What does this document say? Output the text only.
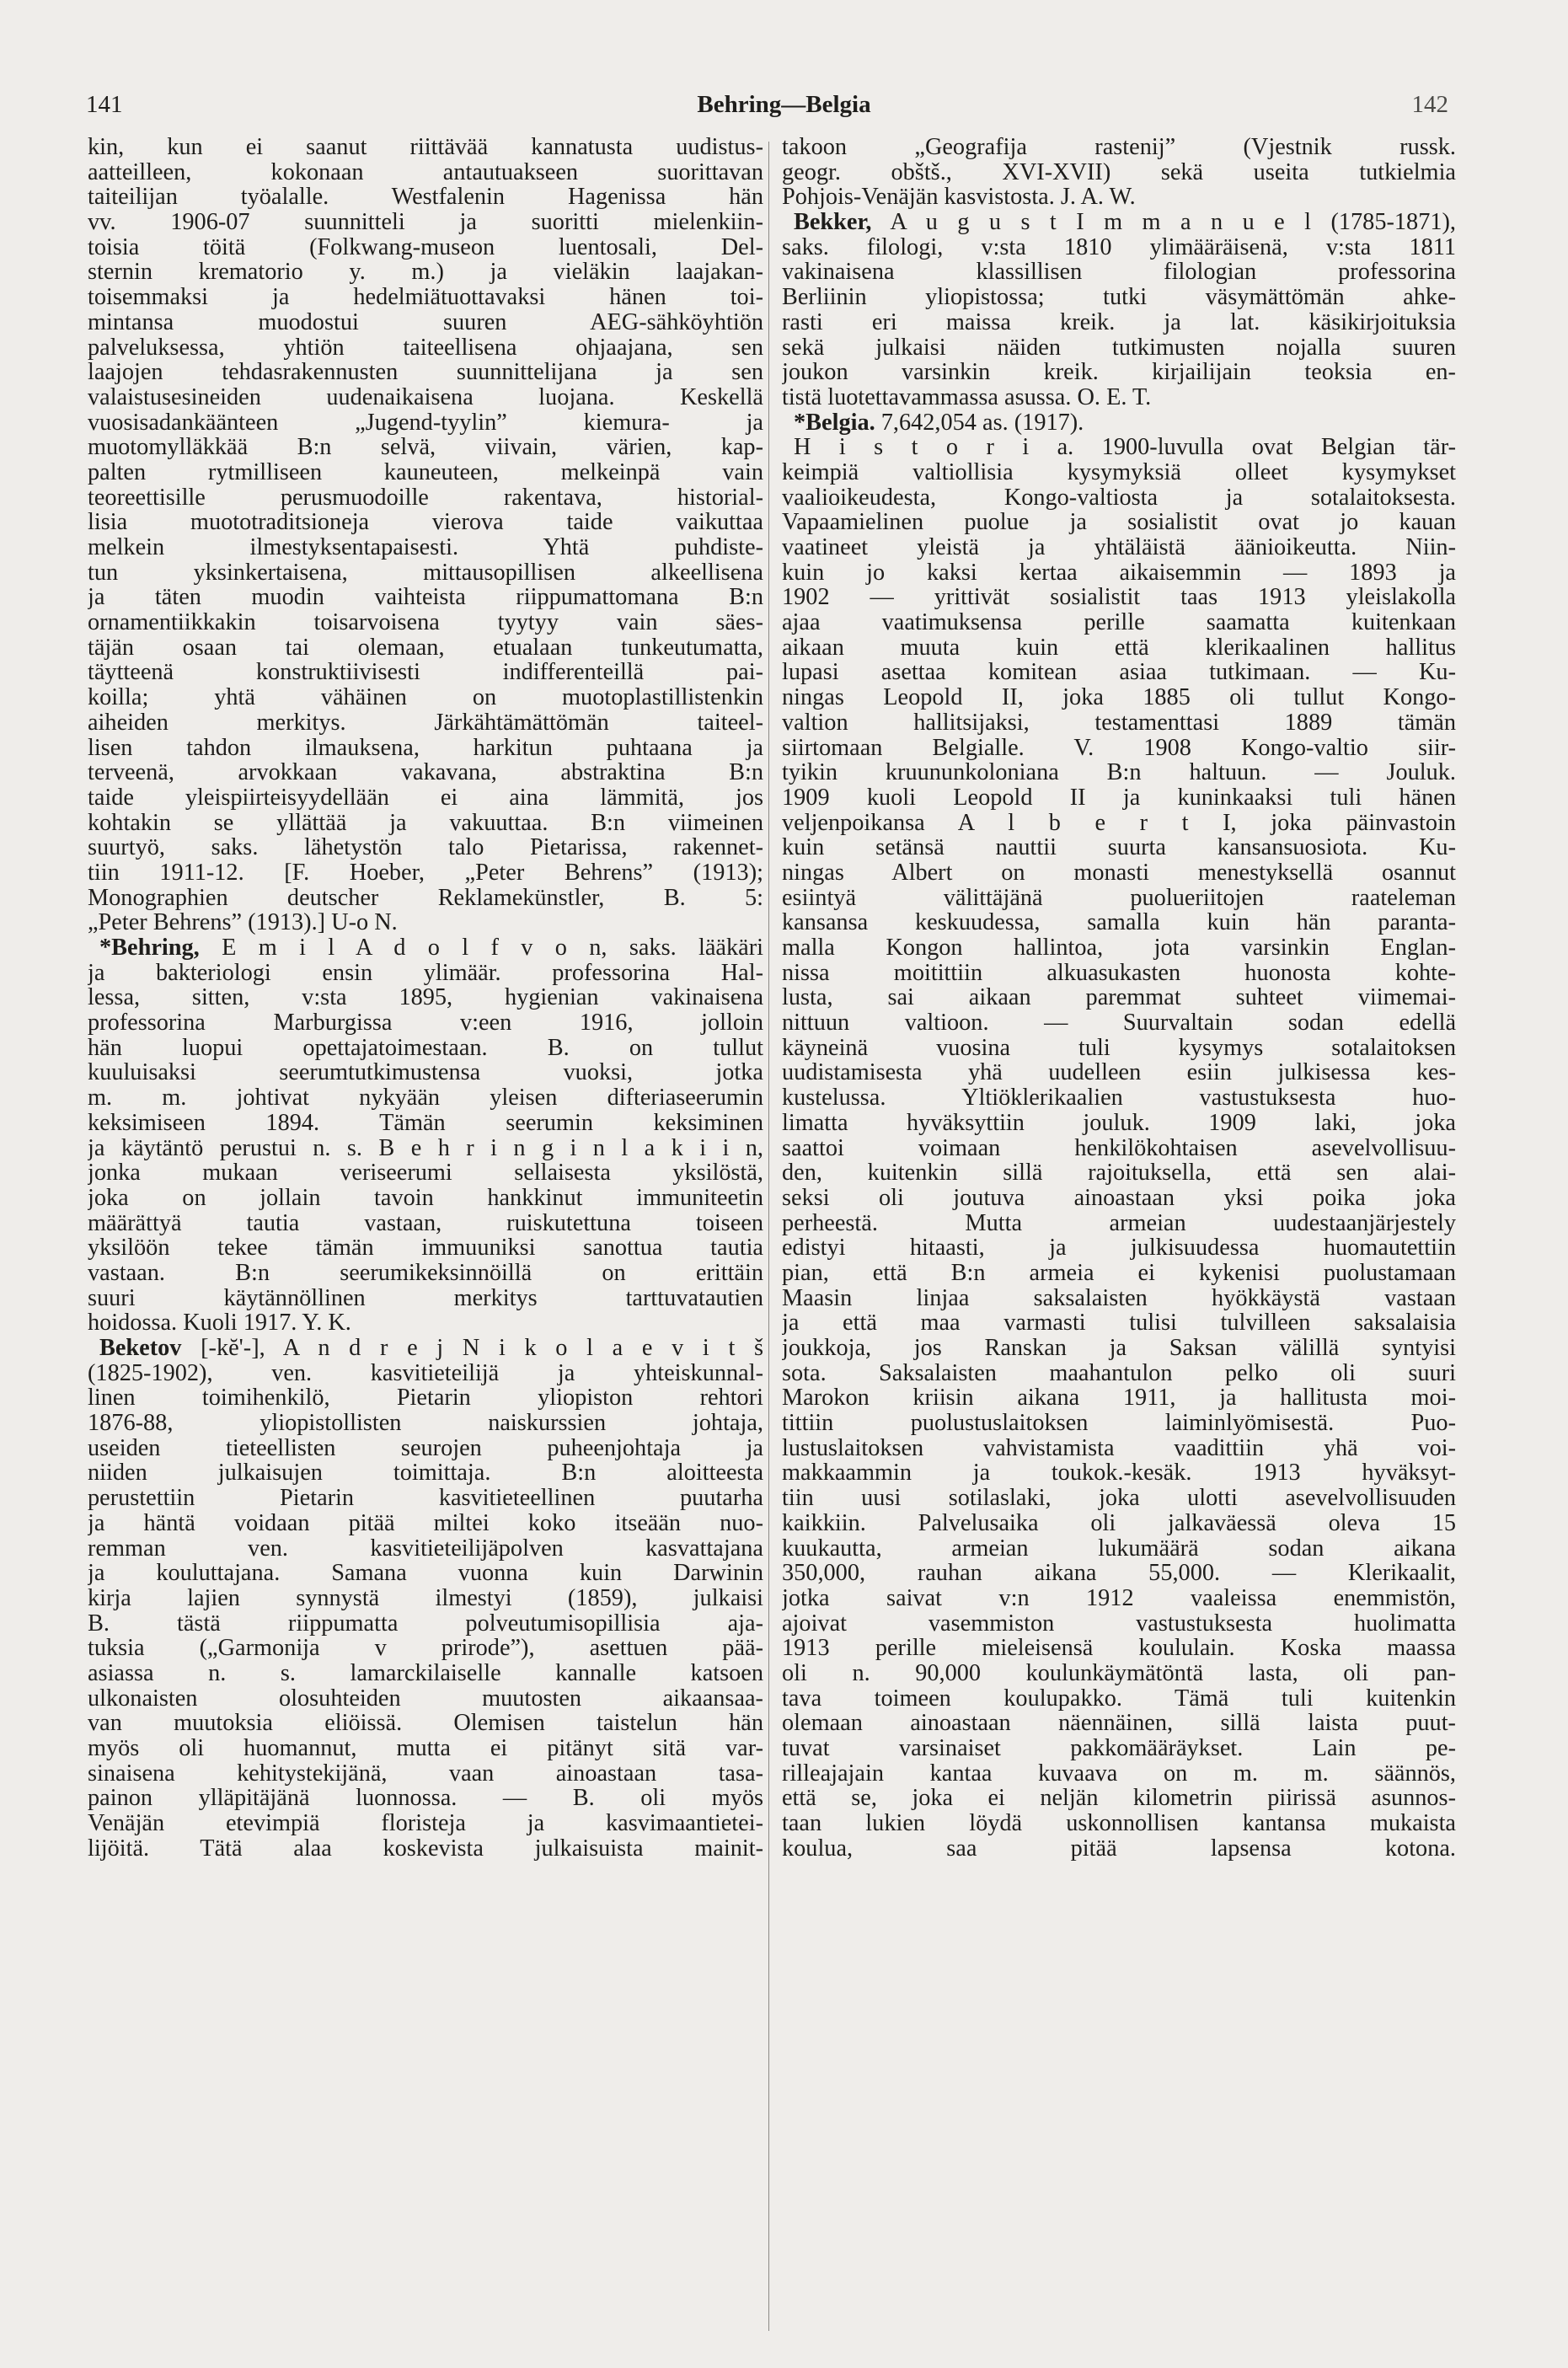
141	Behring—Belgia	142
kin, kun ei saanut riittävää kannatusta uudistus-
aatteilleen, kokonaan antautuakseen suorittavan
taiteilijan työalalle. Westfalenin Hagenissa hän
vv. 1906-07 suunnitteli ja suoritti mielenkiin-
toisia töitä (Folkwang-museon luentosali, Del-
sternin krematorio y. m.) ja vieläkin laajakan-
toisemmaksi ja hedelmiätuottavaksi hänen toi-
mintansa muodostui suuren AEG-sähköyhtiön
palveluksessa, yhtiön taiteellisena ohjaajana, sen
laajojen tehdasrakennusten suunnittelijana ja sen
valaistusesineiden uudenaikaisena luojana. Keskellä
vuosisadankäänteen „Jugend-tyylin” kiemura- ja
muotomylläkkää B:n selvä, viivain, värien, kap-
palten rytmilliseen kauneuteen, melkeinpä vain
teoreettisille perusmuodoille rakentava, historial-
lisia muototraditsioneja vierova taide vaikuttaa
melkein ilmestyksentapaisesti. Yhtä puhdiste-
tun yksinkertaisena, mittausopillisen alkeellisena
ja täten muodin vaihteista riippumattomana B:n
ornamentiikkakin toisarvoisena tyytyy vain säes-
täjän osaan tai olemaan, etualaan tunkeutumatta,
täytteenä konstruktiivisesti indifferenteillä pai-
koilla; yhtä vähäinen on muotoplastillistenkin
aiheiden merkitys. Järkähtämättömän taiteel-
lisen tahdon ilmauksena, harkitun puhtaana ja
terveenä, arvokkaan vakavana, abstraktina B:n
taide yleispiirteisyydellään ei aina lämmitä, jos
kohtakin se yllättää ja vakuuttaa. B:n viimeinen
suurtyö, saks. lähetystön talo Pietarissa, rakennet-
tiin 1911-12. [F. Hoeber, „Peter Behrens” (1913);
Monographien deutscher Reklamekünstler, B. 5:
„Peter Behrens” (1913).] U-o N.
*Behring, E m i l A d o l f v o n, saks. lääkäri
ja bakteriologi ensin ylimäär. professorina Hal-
lessa, sitten, v:sta 1895, hygienian vakinaisena
professorina Marburgissa v:een 1916, jolloin
hän luopui opettajatoimestaan. B. on tullut
kuuluisaksi seerumtutkimustensa vuoksi, jotka
m. m. johtivat nykyään yleisen difteriaseerumin
keksimiseen 1894. Tämän seerumin keksiminen
ja käytäntö perustui n. s. B e h r i n g i n l a k i i n,
jonka mukaan veriseerumi sellaisesta yksilöstä,
joka on jollain tavoin hankkinut immuniteetin
määrättyä tautia vastaan, ruiskutettuna toiseen
yksilöön tekee tämän immuuniksi sanottua tautia
vastaan. B:n seerumikeksinnöillä on erittäin
suuri käytännöllinen merkitys tarttuvatautien
hoidossa. Kuoli 1917. Y. K.
Beketov [-kĕ'-], A n d r e j N i k o l a e v i t š
(1825-1902), ven. kasvitieteilijä ja yhteiskunnal-
linen toimihenkilö, Pietarin yliopiston rehtori
1876-88, yliopistollisten naiskurssien johtaja,
useiden tieteellisten seurojen puheenjohtaja ja
niiden julkaisujen toimittaja. B:n aloitteesta
perustettiin Pietarin kasvitieteellinen puutarha
ja häntä voidaan pitää miltei koko itseään nuo-
remman ven. kasvitieteilijäpolven kasvattajana
ja kouluttajana. Samana vuonna kuin Darwinin
kirja lajien synnystä ilmestyi (1859), julkaisi
B. tästä riippumatta polveutumisopillisia aja-
tuksia („Garmonija v prirode”), asettuen pää-
asiassa n. s. lamarckilaiselle kannalle katsoen
ulkonaisten olosuhteiden muutosten aikaansaa-
van muutoksia eliöissä. Olemisen taistelun hän
myös oli huomannut, mutta ei pitänyt sitä var-
sinaisena kehitystekijänä, vaan ainoastaan tasa-
painon ylläpitäjänä luonnossa. — B. oli myös
Venäjän etevimpiä floristeja ja kasvimaantietei-
lijöitä. Tätä alaa koskevista julkaisuista mainit-
takoon „Geografija rastenij” (Vjestnik russk.
geogr. obštš., XVI-XVII) sekä useita tutkielmia
Pohjois-Venäjän kasvistosta. J. A. W.
Bekker, A u g u s t I m m a n u e l (1785-1871),
saks. filologi, v:sta 1810 ylimääräisenä, v:sta 1811
vakinaisena klassillisen filologian professorina
Berliinin yliopistossa; tutki väsymättömän ahke-
rasti eri maissa kreik. ja lat. käsikirjoituksia
sekä julkaisi näiden tutkimusten nojalla suuren
joukon varsinkin kreik. kirjailijain teoksia en-
tistä luotettavammassa asussa. O. E. T.
*Belgia. 7,642,054 as. (1917).
H i s t o r i a. 1900-luvulla ovat Belgian tär-
keimpiä valtiollisia kysymyksiä olleet kysymykset
vaalioikeudesta, Kongo-valtiosta ja sotalaitoksesta.
Vapaamielinen puolue ja sosialistit ovat jo kauan
vaatineet yleistä ja yhtäläistä äänioikeutta. Niin-
kuin jo kaksi kertaa aikaisemmin — 1893 ja
1902 — yrittivät sosialistit taas 1913 yleislakolla
ajaa vaatimuksensa perille saamatta kuitenkaan
aikaan muuta kuin että klerikaalinen hallitus
lupasi asettaa komitean asiaa tutkimaan. — Ku-
ningas Leopold II, joka 1885 oli tullut Kongo-
valtion hallitsijaksi, testamenttasi 1889 tämän
siirtomaan Belgialle. V. 1908 Kongo-valtio siir-
tyikin kruununkoloniana B:n haltuun. — Jouluk.
1909 kuoli Leopold II ja kuninkaaksi tuli hänen
veljenpoikansa A l b e r t I, joka päinvastoin
kuin setänsä nauttii suurta kansansuosiota. Ku-
ningas Albert on monasti menestyksellä osannut
esiintyä välittäjänä puolueriitojen raateleman
kansansa keskuudessa, samalla kuin hän paranta-
malla Kongon hallintoa, jota varsinkin Englan-
nissa moitittiin alkuasukasten huonosta kohte-
lusta, sai aikaan paremmat suhteet viimemai-
nittuun valtioon. — Suurvaltain sodan edellä
käyneinä vuosina tuli kysymys sotalaitoksen
uudistamisesta yhä uudelleen esiin julkisessa kes-
kustelussa. Yltiöklerikaalien vastustuksesta huo-
limatta hyväksyttiin jouluk. 1909 laki, joka
saattoi voimaan henkilökohtaisen asevelvollisuu-
den, kuitenkin sillä rajoituksella, että sen alai-
seksi oli joutuva ainoastaan yksi poika joka
perheestä. Mutta armeian uudestaanjärjestely
edistyi hitaasti, ja julkisuudessa huomautettiin
pian, että B:n armeia ei kykenisi puolustamaan
Maasin linjaa saksalaisten hyökkäystä vastaan
ja että maa varmasti tulisi tulvilleen saksalaisia
joukkoja, jos Ranskan ja Saksan välillä syntyisi
sota. Saksalaisten maahantulon pelko oli suuri
Marokon kriisin aikana 1911, ja hallitusta moi-
tittiin puolustuslaitoksen laiminlyömisestä. Puo-
lustuslaitoksen vahvistamista vaadittiin yhä voi-
makkaammin ja toukok.-kesäk. 1913 hyväksyt-
tiin uusi sotilaslaki, joka ulotti asevelvollisuuden
kaikkiin. Palvelusaika oli jalkaväessä oleva 15
kuukautta, armeian lukumäärä sodan aikana
350,000, rauhan aikana 55,000. — Klerikaalit,
jotka saivat v:n 1912 vaaleissa enemmistön,
ajoivat vasemmiston vastustuksesta huolimatta
1913 perille mieleisensä koululain. Koska maassa
oli n. 90,000 koulunkäymätöntä lasta, oli pan-
tava toimeen koulupakko. Tämä tuli kuitenkin
olemaan ainoastaan näennäinen, sillä laista puut-
tuvat varsinaiset pakkomääräykset. Lain pe-
rilleajajain kantaa kuvaava on m. m. säännös,
että se, joka ei neljän kilometrin piirissä asunnos-
taan lukien löydä uskonnollisen kantansa mukaista
koulua, saa pitää lapsensa kotona.
